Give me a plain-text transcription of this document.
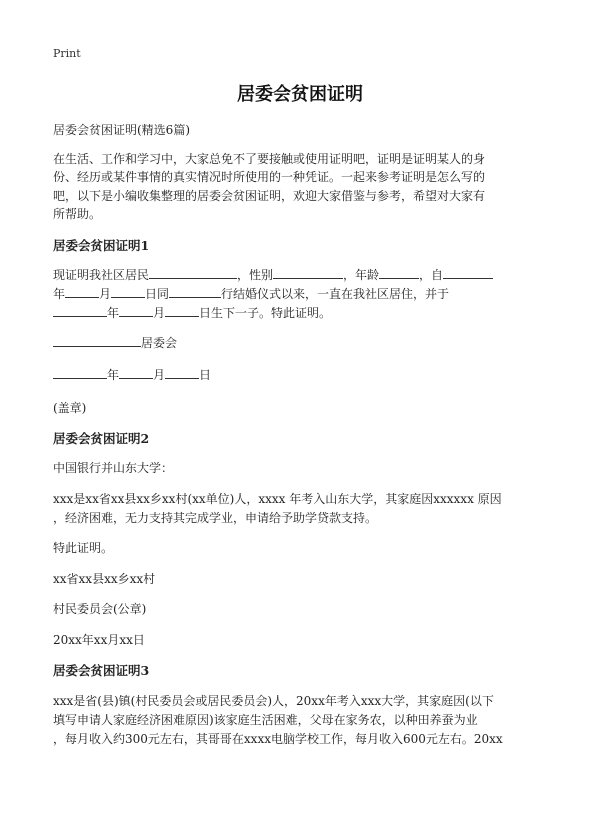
Print
居委会贫困证明
居委会贫困证明(精选6篇)
在生活、工作和学习中，大家总免不了要接触或使用证明吧，证明是证明某人的身
份、经历或某件事情的真实情况时所使用的一种凭证。一起来参考证明是怎么写的
吧，以下是小编收集整理的居委会贫困证明，欢迎大家借鉴与参考，希望对大家有
所帮助。
居委会贫困证明1
现证明我社区居民	，性别	，年龄	，自
年	月	日同	行结婚仪式以来，一直在我社区居住，并于
年	月	日生下一子。特此证明。
居委会
年	月	日
(盖章)
居委会贫困证明2
中国银行并山东大学：
xxx是xx省xx县xx乡xx村(xx单位)人，xxxx 年考入山东大学，其家庭因xxxxxx 原因
，经济困难，无力支持其完成学业，申请给予助学贷款支持。
特此证明。
xx省xx县xx乡xx村
村民委员会(公章)
20xx年xx月xx日
居委会贫困证明3
xxx是省(县)镇(村民委员会或居民委员会)人，20xx年考入xxx大学，其家庭因(以下
填写申请人家庭经济困难原因)该家庭生活困难，父母在家务农，以种田养蚕为业
，每月收入约300元左右，其哥哥在xxxx电脑学校工作，每月收入600元左右。20xx
